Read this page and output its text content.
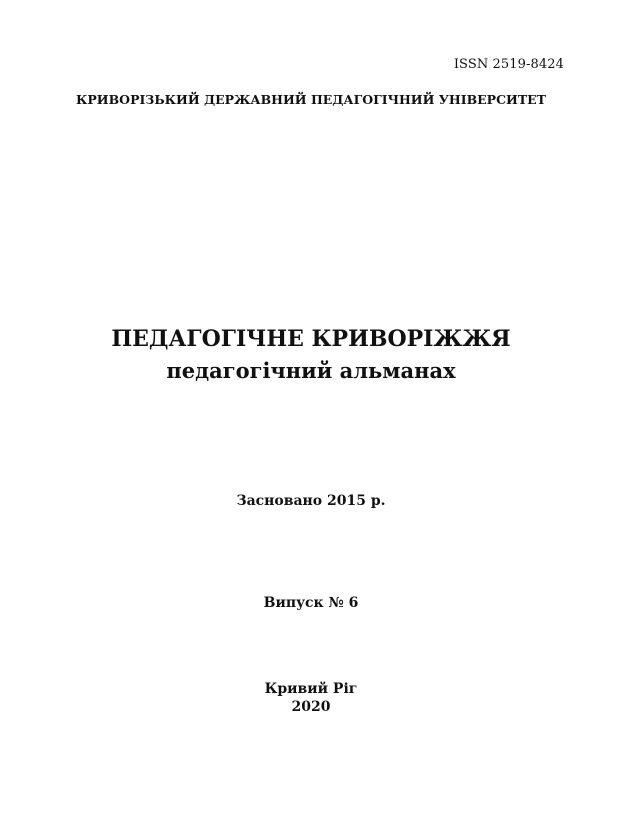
ISSN 2519-8424
КРИВОРІЗЬКИЙ ДЕРЖАВНИЙ ПЕДАГОГІЧНИЙ УНІВЕРСИТЕТ
ПЕДАГОГІЧНЕ КРИВОРІЖЖЯ
педагогічний альманах
Засновано 2015 р.
Випуск № 6
Кривий Ріг
2020
